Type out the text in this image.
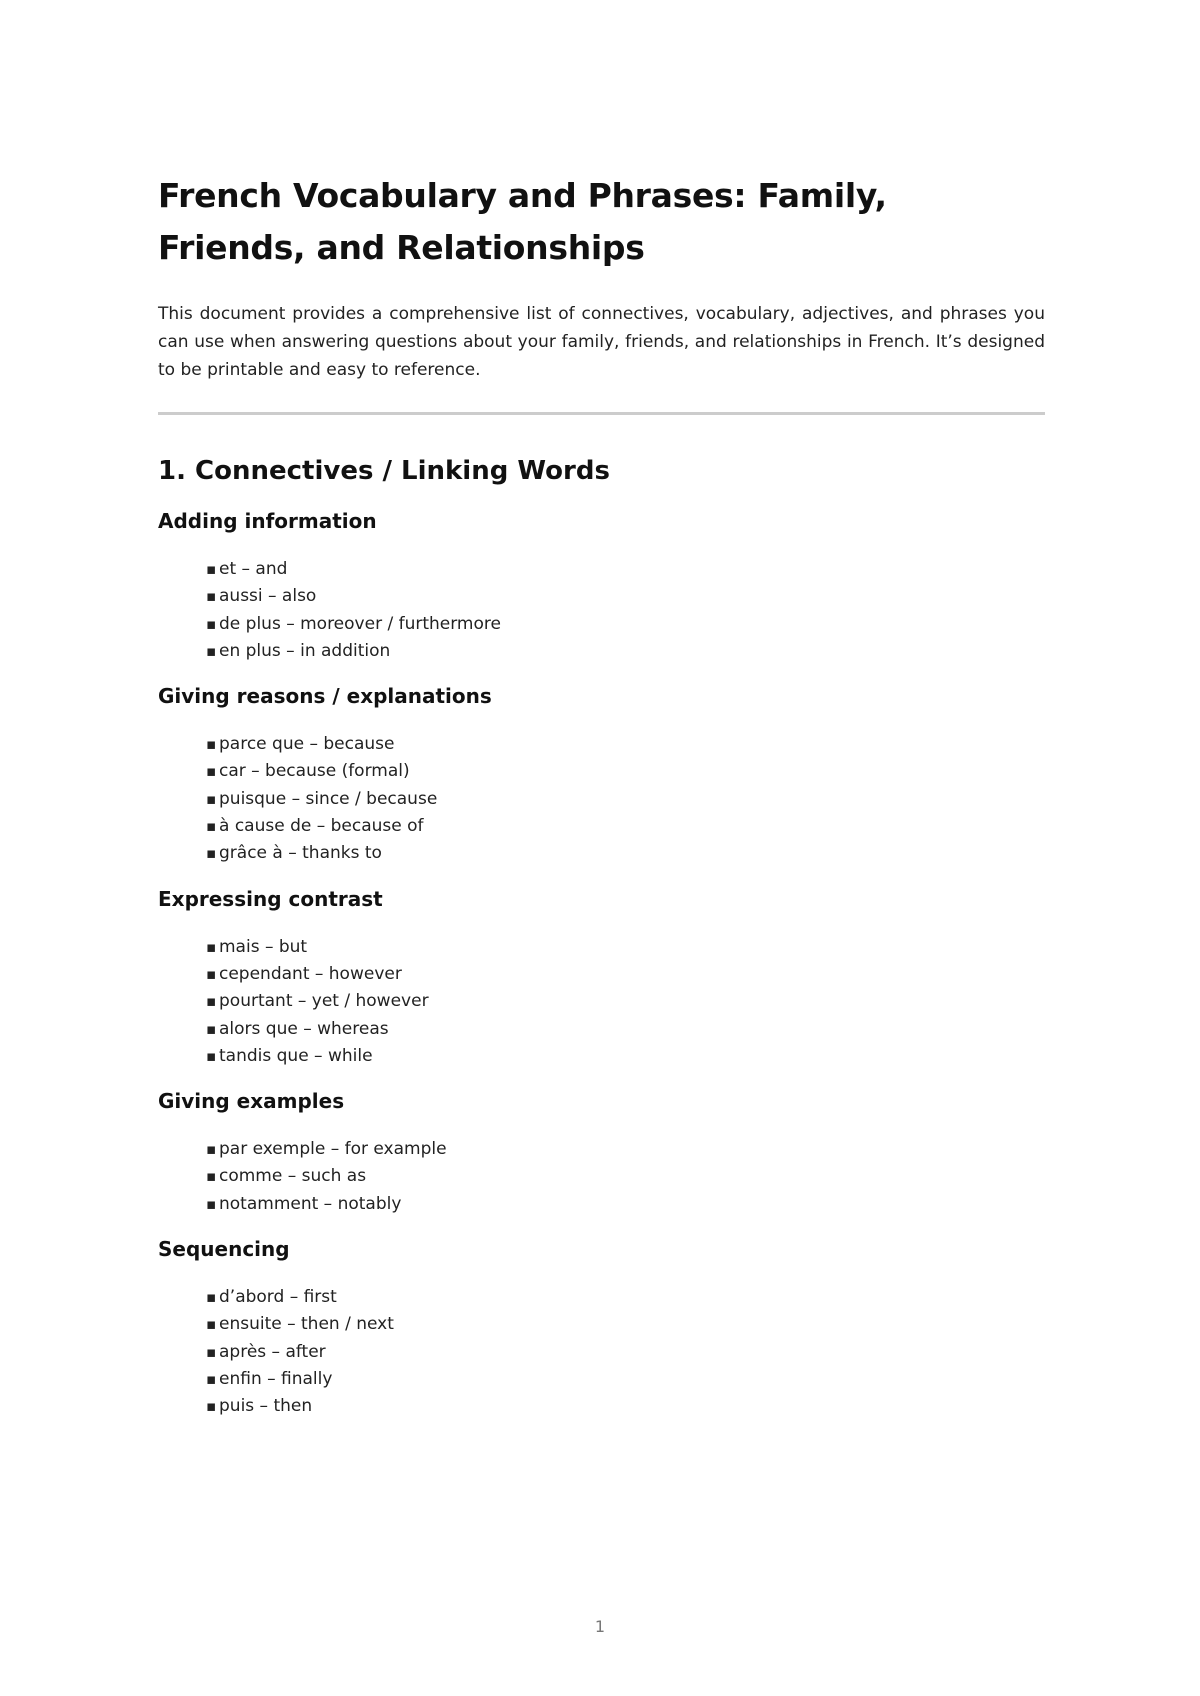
French Vocabulary and Phrases: Family, Friends, and Relationships

This document provides a comprehensive list of connectives, vocabulary, adjectives, and phrases you can use when answering questions about your family, friends, and relationships in French. It’s designed to be printable and easy to reference.

1. Connectives / Linking Words
Adding information
▪ et – and
▪ aussi – also
▪ de plus – moreover / furthermore
▪ en plus – in addition
Giving reasons / explanations
▪ parce que – because
▪ car – because (formal)
▪ puisque – since / because
▪ à cause de – because of
▪ grâce à – thanks to
Expressing contrast
▪ mais – but
▪ cependant – however
▪ pourtant – yet / however
▪ alors que – whereas
▪ tandis que – while
Giving examples
▪ par exemple – for example
▪ comme – such as
▪ notamment – notably
Sequencing
▪ d’abord – first
▪ ensuite – then / next
▪ après – after
▪ enfin – finally
▪ puis – then
1
